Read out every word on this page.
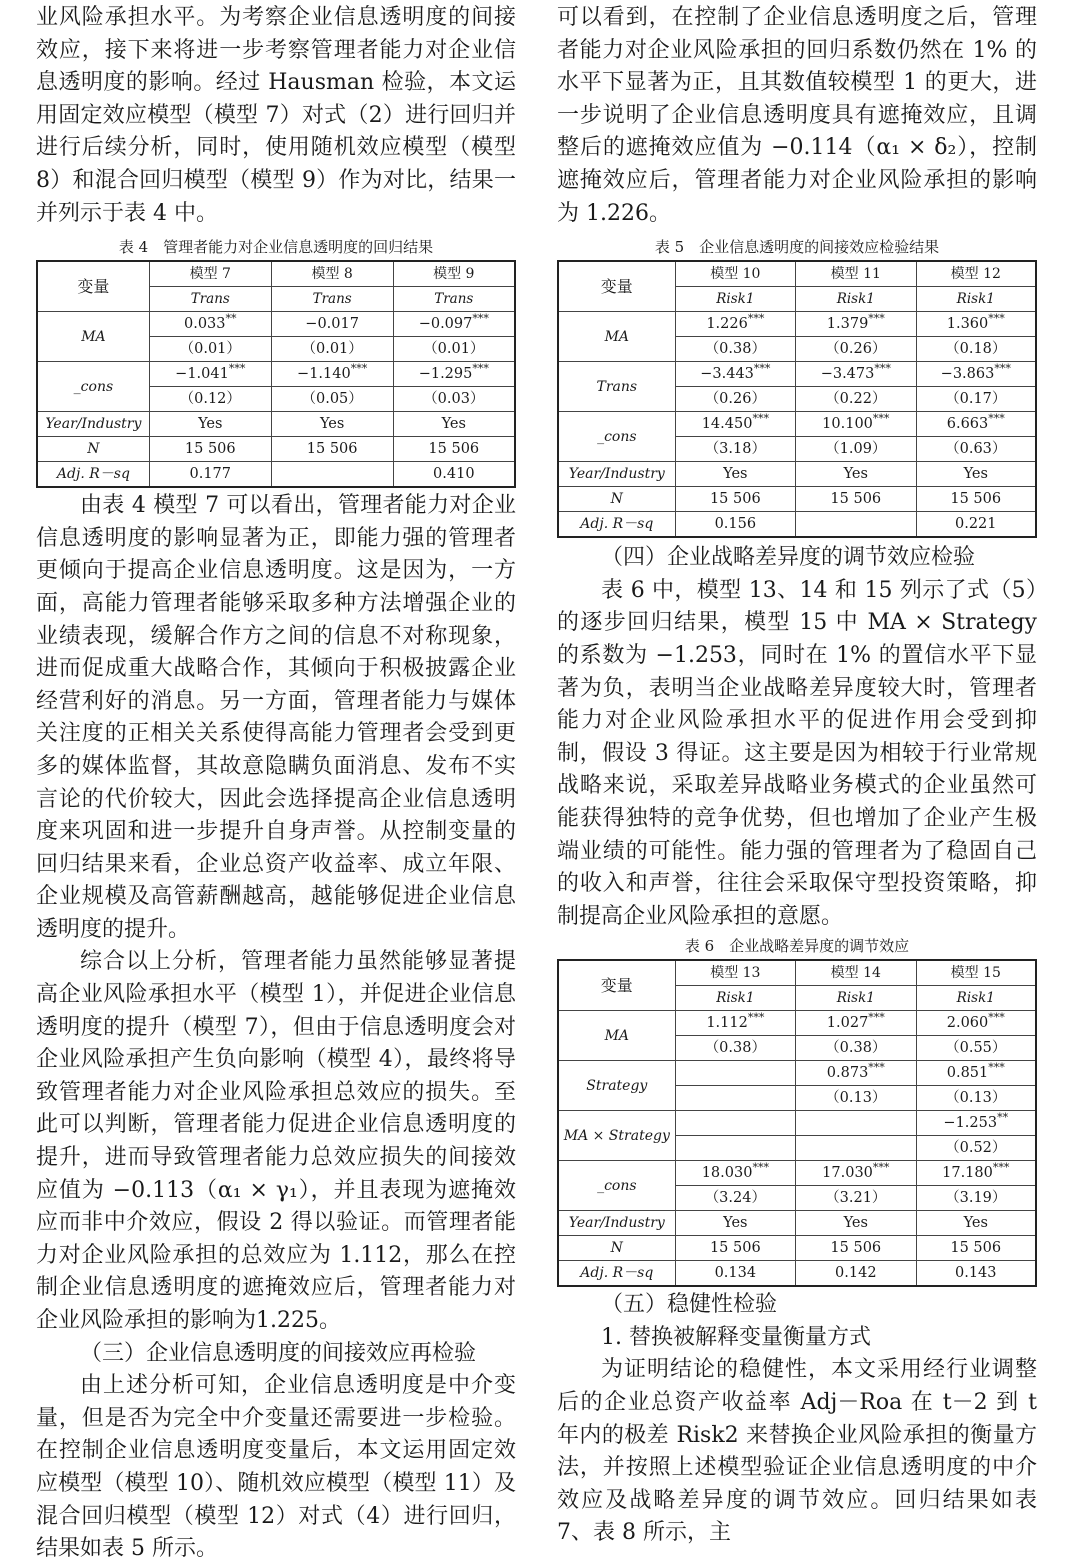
业风险承担水平。为考察企业信息透明度的间接效应，接下来将进一步考察管理者能力对企业信息透明度的影响。经过 Hausman 检验，本文运用固定效应模型（模型 7）对式（2）进行回归并进行后续分析，同时，使用随机效应模型（模型 8）和混合回归模型（模型 9）作为对比，结果一并列示于表 4 中。

表 4　管理者能力对企业信息透明度的回归结果

变量	模型 7	模型 8	模型 9
	Trans	Trans	Trans
MA	0.033**	−0.017	−0.097***
	（0.01）	（0.01）	（0.01）
_cons	−1.041***	−1.140***	−1.295***
	（0.12）	（0.05）	（0.03）
Year/Industry	Yes	Yes	Yes
N	15 506	15 506	15 506
Adj. R－sq	0.177		0.410

由表 4 模型 7 可以看出，管理者能力对企业信息透明度的影响显著为正，即能力强的管理者更倾向于提高企业信息透明度。这是因为，一方面，高能力管理者能够采取多种方法增强企业的业绩表现，缓解合作方之间的信息不对称现象，进而促成重大战略合作，其倾向于积极披露企业经营利好的消息。另一方面，管理者能力与媒体关注度的正相关关系使得高能力管理者会受到更多的媒体监督，其故意隐瞒负面消息、发布不实言论的代价较大，因此会选择提高企业信息透明度来巩固和进一步提升自身声誉。从控制变量的回归结果来看，企业总资产收益率、成立年限、企业规模及高管薪酬越高，越能够促进企业信息透明度的提升。

综合以上分析，管理者能力虽然能够显著提高企业风险承担水平（模型 1），并促进企业信息透明度的提升（模型 7），但由于信息透明度会对企业风险承担产生负向影响（模型 4），最终将导致管理者能力对企业风险承担总效应的损失。至此可以判断，管理者能力促进企业信息透明度的提升，进而导致管理者能力总效应损失的间接效应值为 −0.113（α₁ × γ₁），并且表现为遮掩效应而非中介效应，假设 2 得以验证。而管理者能力对企业风险承担的总效应为 1.112，那么在控制企业信息透明度的遮掩效应后，管理者能力对企业风险承担的影响为1.225。

（三）企业信息透明度的间接效应再检验

由上述分析可知，企业信息透明度是中介变量，但是否为完全中介变量还需要进一步检验。在控制企业信息透明度变量后，本文运用固定效应模型（模型 10）、随机效应模型（模型 11）及混合回归模型（模型 12）对式（4）进行回归，结果如表 5 所示。

可以看到，在控制了企业信息透明度之后，管理者能力对企业风险承担的回归系数仍然在 1% 的水平下显著为正，且其数值较模型 1 的更大，进一步说明了企业信息透明度具有遮掩效应，且调整后的遮掩效应值为 −0.114（α₁ × δ₂），控制遮掩效应后，管理者能力对企业风险承担的影响为 1.226。

表 5　企业信息透明度的间接效应检验结果

变量	模型 10	模型 11	模型 12
	Risk1	Risk1	Risk1
MA	1.226***	1.379***	1.360***
	（0.38）	（0.26）	（0.18）
Trans	−3.443***	−3.473***	−3.863***
	（0.26）	（0.22）	（0.17）
_cons	14.450***	10.100***	6.663***
	（3.18）	（1.09）	（0.63）
Year/Industry	Yes	Yes	Yes
N	15 506	15 506	15 506
Adj. R－sq	0.156		0.221

（四）企业战略差异度的调节效应检验

表 6 中，模型 13、14 和 15 列示了式（5）的逐步回归结果，模型 15 中 MA × Strategy 的系数为 −1.253，同时在 1% 的置信水平下显著为负，表明当企业战略差异度较大时，管理者能力对企业风险承担水平的促进作用会受到抑制，假设 3 得证。这主要是因为相较于行业常规战略来说，采取差异战略业务模式的企业虽然可能获得独特的竞争优势，但也增加了企业产生极端业绩的可能性。能力强的管理者为了稳固自己的收入和声誉，往往会采取保守型投资策略，抑制提高企业风险承担的意愿。

表 6　企业战略差异度的调节效应

变量	模型 13	模型 14	模型 15
	Risk1	Risk1	Risk1
MA	1.112***	1.027***	2.060***
	（0.38）	（0.38）	（0.55）
Strategy		0.873***	0.851***
		（0.13）	（0.13）
MA × Strategy			−1.253**
			（0.52）
_cons	18.030***	17.030***	17.180***
	（3.24）	（3.21）	（3.19）
Year/Industry	Yes	Yes	Yes
N	15 506	15 506	15 506
Adj. R－sq	0.134	0.142	0.143

（五）稳健性检验

1. 替换被解释变量衡量方式

为证明结论的稳健性，本文采用经行业调整后的企业总资产收益率 Adj－Roa 在 t－2 到 t 年内的极差 Risk2 来替换企业风险承担的衡量方法，并按照上述模型验证企业信息透明度的中介效应及战略差异度的调节效应。回归结果如表 7、表 8 所示，主
